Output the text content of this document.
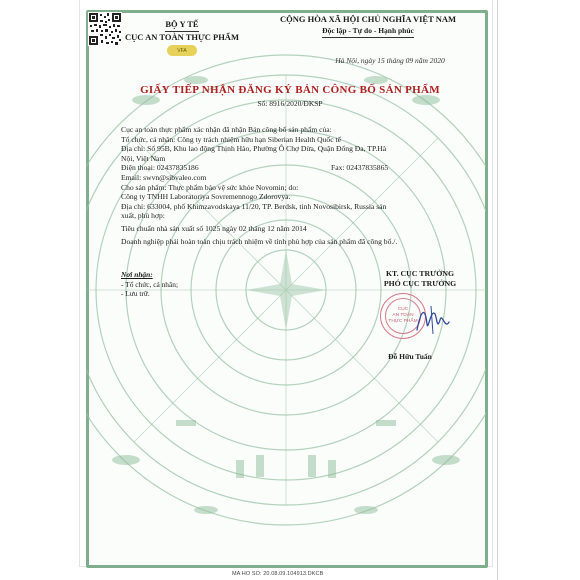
BỘ Y TẾ
CỤC AN TOÀN THỰC PHẨM
VFA
CỘNG HÒA XÃ HỘI CHỦ NGHĨA VIỆT NAM
Độc lập - Tự do - Hạnh phúc
Hà Nội, ngày 15 tháng 09 năm 2020
GIẤY TIẾP NHẬN ĐĂNG KÝ BẢN CÔNG BỐ SẢN PHẨM
Số: 8916/2020/ĐKSP

Cục an toàn thực phẩm xác nhận đã nhận Bản công bố sản phẩm của:

Tổ chức, cá nhân: Công ty trách nhiệm hữu hạn Siberian Health Quốc tế

Địa chỉ: Số 95B, Khu lao động Thịnh Hào, Phường Ô Chợ Dừa, Quận Đống Đa, TP.Hà

Nội, Việt Nam

Điện thoại: 02437835186	Fax: 02437835865

Email: swvn@sibvaleo.com

Cho sản phẩm: Thực phẩm bảo vệ sức khỏe Novomin; do:

Công ty TNHH Laboratoriya Sovremennogo Zdorovya.

Địa chỉ: 633004, phố Khimzavodskaya 11/20, TP. Berdsk, tỉnh Novosibirsk, Russia sản

xuất, phù hợp:

Tiêu chuẩn nhà sản xuất số 1025 ngày 02 tháng 12 năm 2014

Doanh nghiệp phải hoàn toàn chịu trách nhiệm về tính phù hợp của sản phẩm đã công bố./.

Nơi nhận:
- Tổ chức, cá nhân;
- Lưu trữ.
KT. CỤC TRƯỞNG
PHÓ CỤC TRƯỞNG
CỤC
AN TOÀN
THỰC PHẨM
Đỗ Hữu Tuấn
MA HO SO: 20.08.09.104913.DKCB
